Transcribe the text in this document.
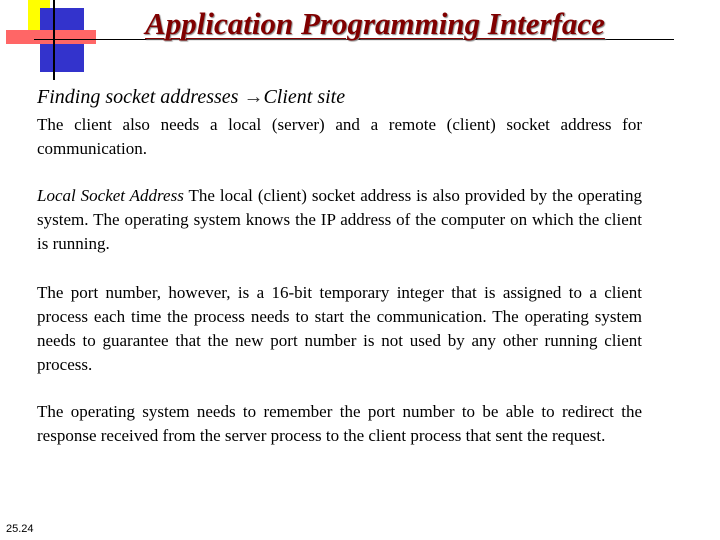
Application Programming Interface
Finding socket addresses →Client site
The client also needs a local (server) and a remote (client) socket address for communication.
Local Socket Address The local (client) socket address is also provided by the operating system. The operating system knows the IP address of the computer on which the client is running.
The port number, however, is a 16-bit temporary integer that is assigned to a client process each time the process needs to start the communication. The operating system needs to guarantee that the new port number is not used by any other running client process.
The operating system needs to remember the port number to be able to redirect the response received from the server process to the client process that sent the request.
25.24
